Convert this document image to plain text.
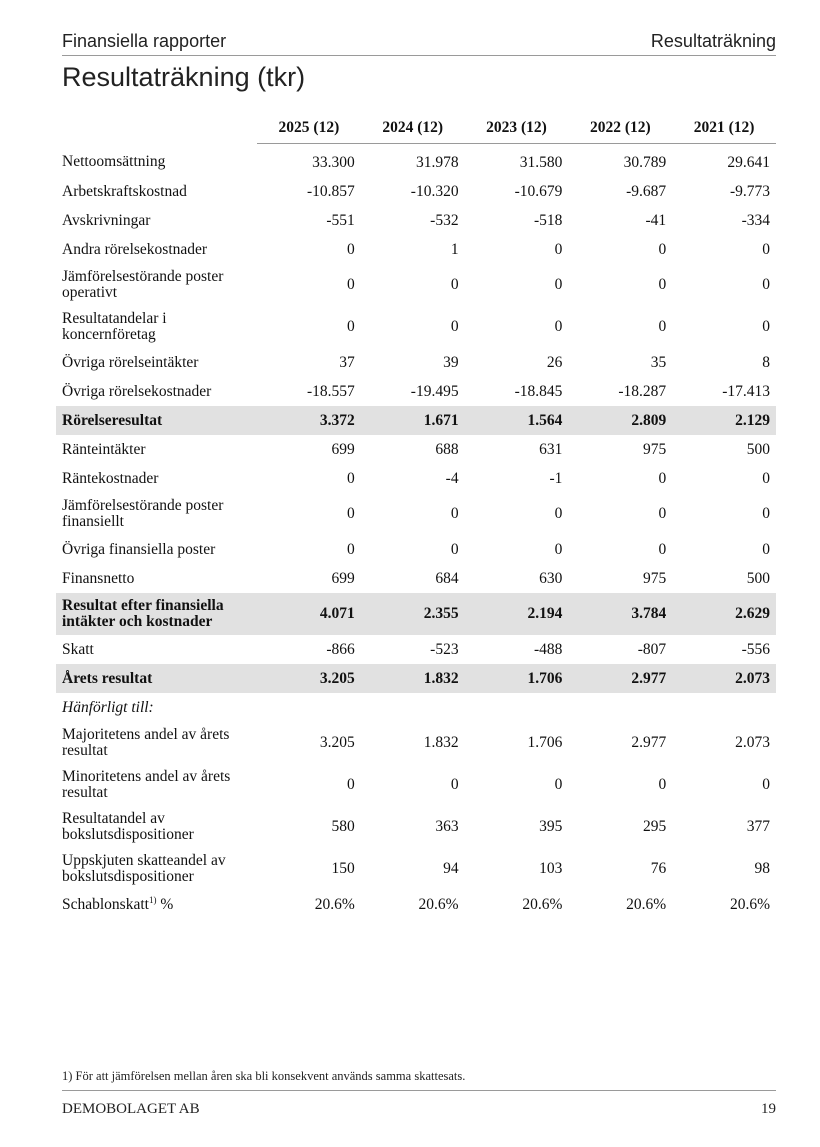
Finansiella rapporter	Resultaträkning
Resultaträkning (tkr)
	2025 (12)	2024 (12)	2023 (12)	2022 (12)	2021 (12)
Nettoomsättning	33.300	31.978	31.580	30.789	29.641
Arbetskraftskostnad	-10.857	-10.320	-10.679	-9.687	-9.773
Avskrivningar	-551	-532	-518	-41	-334
Andra rörelsekostnader	0	1	0	0	0
Jämförelsestörande poster operativt	0	0	0	0	0
Resultatandelar i koncernföretag	0	0	0	0	0
Övriga rörelseintäkter	37	39	26	35	8
Övriga rörelsekostnader	-18.557	-19.495	-18.845	-18.287	-17.413
Rörelseresultat	3.372	1.671	1.564	2.809	2.129
Ränteintäkter	699	688	631	975	500
Räntekostnader	0	-4	-1	0	0
Jämförelsestörande poster finansiellt	0	0	0	0	0
Övriga finansiella poster	0	0	0	0	0
Finansnetto	699	684	630	975	500
Resultat efter finansiella intäkter och kostnader	4.071	2.355	2.194	3.784	2.629
Skatt	-866	-523	-488	-807	-556
Årets resultat	3.205	1.832	1.706	2.977	2.073
Hänförligt till:					
Majoritetens andel av årets resultat	3.205	1.832	1.706	2.977	2.073
Minoritetens andel av årets resultat	0	0	0	0	0
Resultatandel av bokslutsdispositioner	580	363	395	295	377
Uppskjuten skatteandel av bokslutsdispositioner	150	94	103	76	98
Schablonskatt$^{1)}$ %	20.6%	20.6%	20.6%	20.6%	20.6%
1) För att jämförelsen mellan åren ska bli konsekvent används samma skattesats.
DEMOBOLAGET AB	19
